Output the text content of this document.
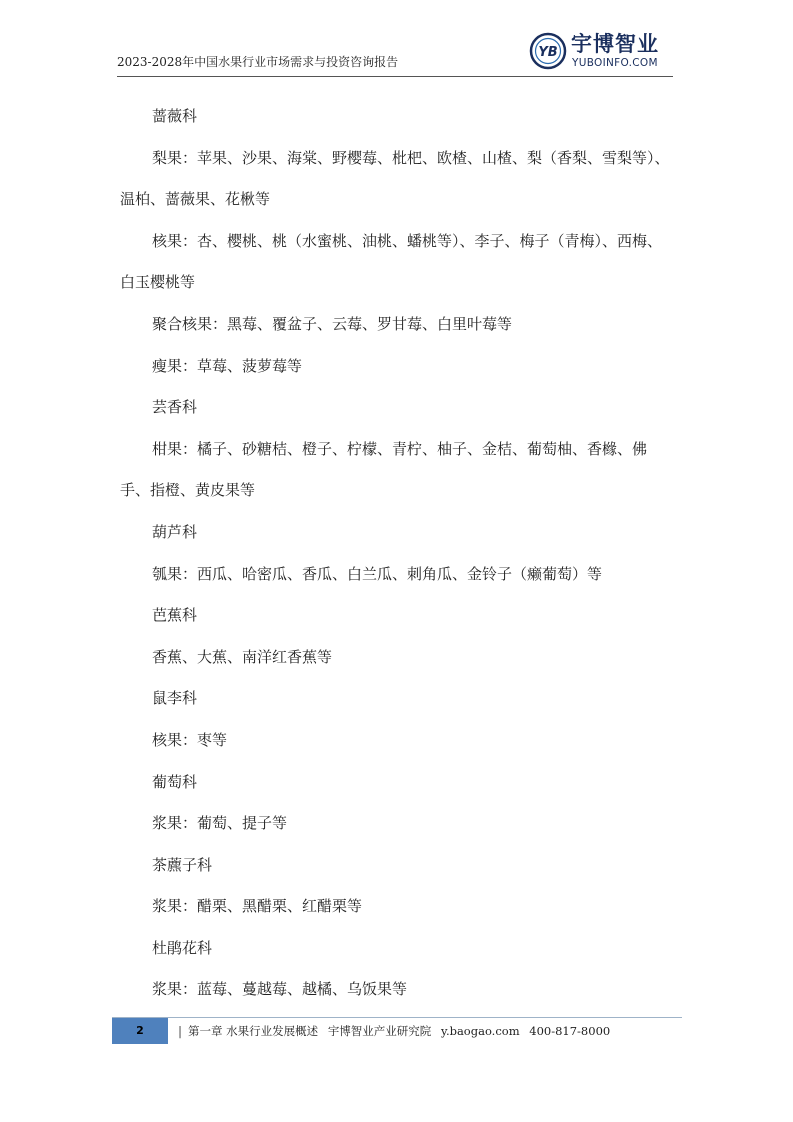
2023-2028年中国水果行业市场需求与投资咨询报告
YB 宇博智业
YUBOINFO.COM
蔷薇科
梨果：苹果、沙果、海棠、野樱莓、枇杷、欧楂、山楂、梨（香梨、雪梨等）、
温柏、蔷薇果、花楸等
核果：杏、樱桃、桃（水蜜桃、油桃、蟠桃等）、李子、梅子（青梅）、西梅、
白玉樱桃等
聚合核果：黑莓、覆盆子、云莓、罗甘莓、白里叶莓等
瘦果：草莓、菠萝莓等
芸香科
柑果：橘子、砂糖桔、橙子、柠檬、青柠、柚子、金桔、葡萄柚、香橼、佛
手、指橙、黄皮果等
葫芦科
瓠果：西瓜、哈密瓜、香瓜、白兰瓜、刺角瓜、金铃子（癞葡萄）等
芭蕉科
香蕉、大蕉、南洋红香蕉等
鼠李科
核果：枣等
葡萄科
浆果：葡萄、提子等
茶藨子科
浆果：醋栗、黑醋栗、红醋栗等
杜鹃花科
浆果：蓝莓、蔓越莓、越橘、乌饭果等
2	| 第一章 水果行业发展概述 宇博智业产业研究院 y.baogao.com 400-817-8000
